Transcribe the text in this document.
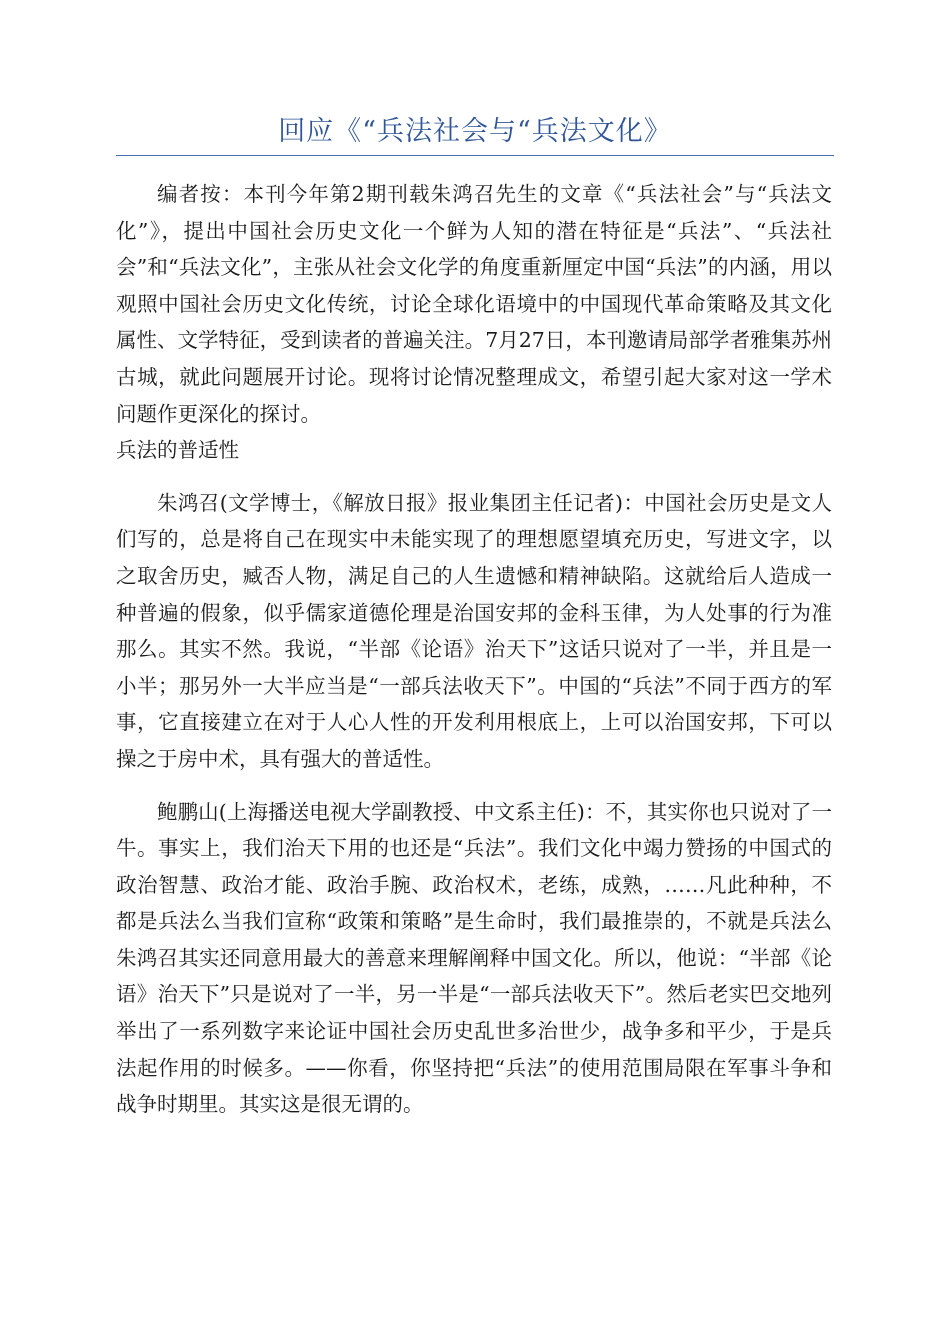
回应《“兵法社会与“兵法文化》

编者按：本刊今年第2期刊载朱鸿召先生的文章《“兵法社会”与“兵法文化”》，提出中国社会历史文化一个鲜为人知的潜在特征是“兵法”、“兵法社会”和“兵法文化”，主张从社会文化学的角度重新厘定中国“兵法”的内涵，用以观照中国社会历史文化传统，讨论全球化语境中的中国现代革命策略及其文化属性、文学特征，受到读者的普遍关注。7月27日，本刊邀请局部学者雅集苏州古城，就此问题展开讨论。现将讨论情况整理成文，希望引起大家对这一学术问题作更深化的探讨。

兵法的普适性

朱鸿召(文学博士，《解放日报》报业集团主任记者)：中国社会历史是文人们写的，总是将自己在现实中未能实现了的理想愿望填充历史，写进文字，以之取舍历史，臧否人物，满足自己的人生遗憾和精神缺陷。这就给后人造成一种普遍的假象，似乎儒家道德伦理是治国安邦的金科玉律，为人处事的行为准那么。其实不然。我说，“半部《论语》治天下”这话只说对了一半，并且是一小半；那另外一大半应当是“一部兵法收天下”。中国的“兵法”不同于西方的军事，它直接建立在对于人心人性的开发利用根底上，上可以治国安邦，下可以操之于房中术，具有强大的普适性。

鲍鹏山(上海播送电视大学副教授、中文系主任)：不，其实你也只说对了一牛。事实上，我们治天下用的也还是“兵法”。我们文化中竭力赞扬的中国式的政治智慧、政治才能、政治手腕、政治权术，老练，成熟，……凡此种种，不都是兵法么当我们宣称“政策和策略”是生命时，我们最推崇的，不就是兵法么朱鸿召其实还同意用最大的善意来理解阐释中国文化。所以，他说：“半部《论语》治天下”只是说对了一半，另一半是“一部兵法收天下”。然后老实巴交地列举出了一系列数字来论证中国社会历史乱世多治世少，战争多和平少，于是兵法起作用的时候多。——你看，你坚持把“兵法”的使用范围局限在军事斗争和战争时期里。其实这是很无谓的。
